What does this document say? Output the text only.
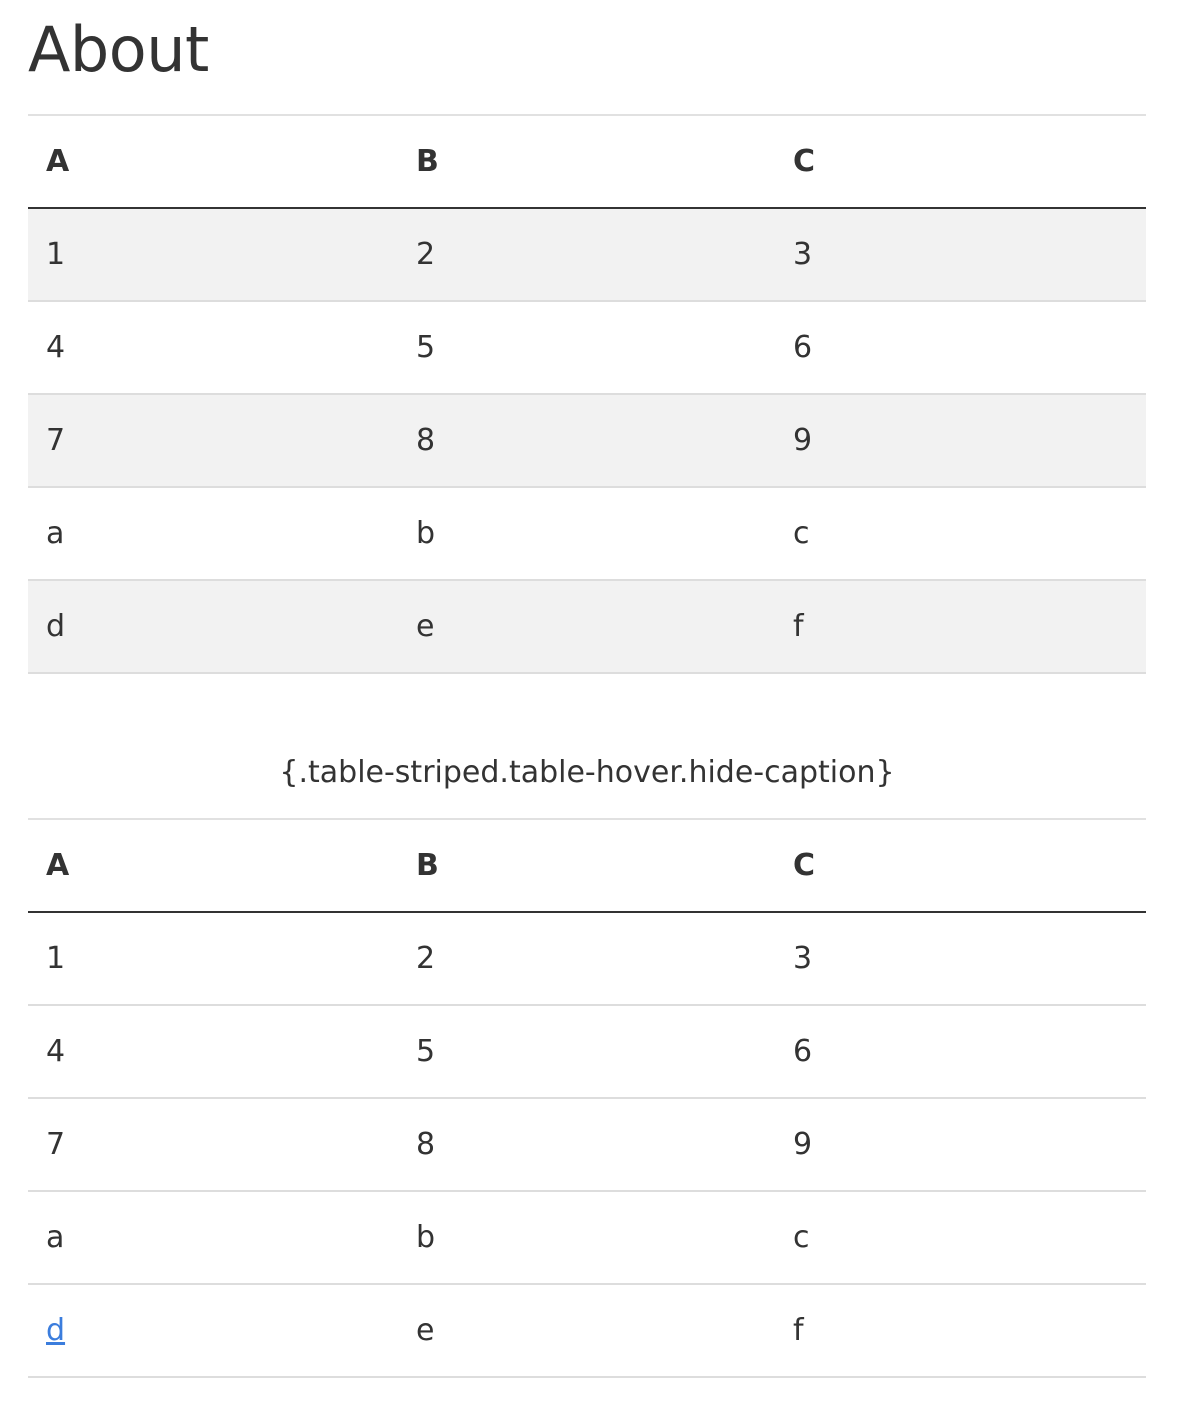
About
A	B	C
1	2	3
4	5	6
7	8	9
a	b	c
d	e	f
{.table-striped.table-hover.hide-caption}
A	B	C
1	2	3
4	5	6
7	8	9
a	b	c
d	e	f
